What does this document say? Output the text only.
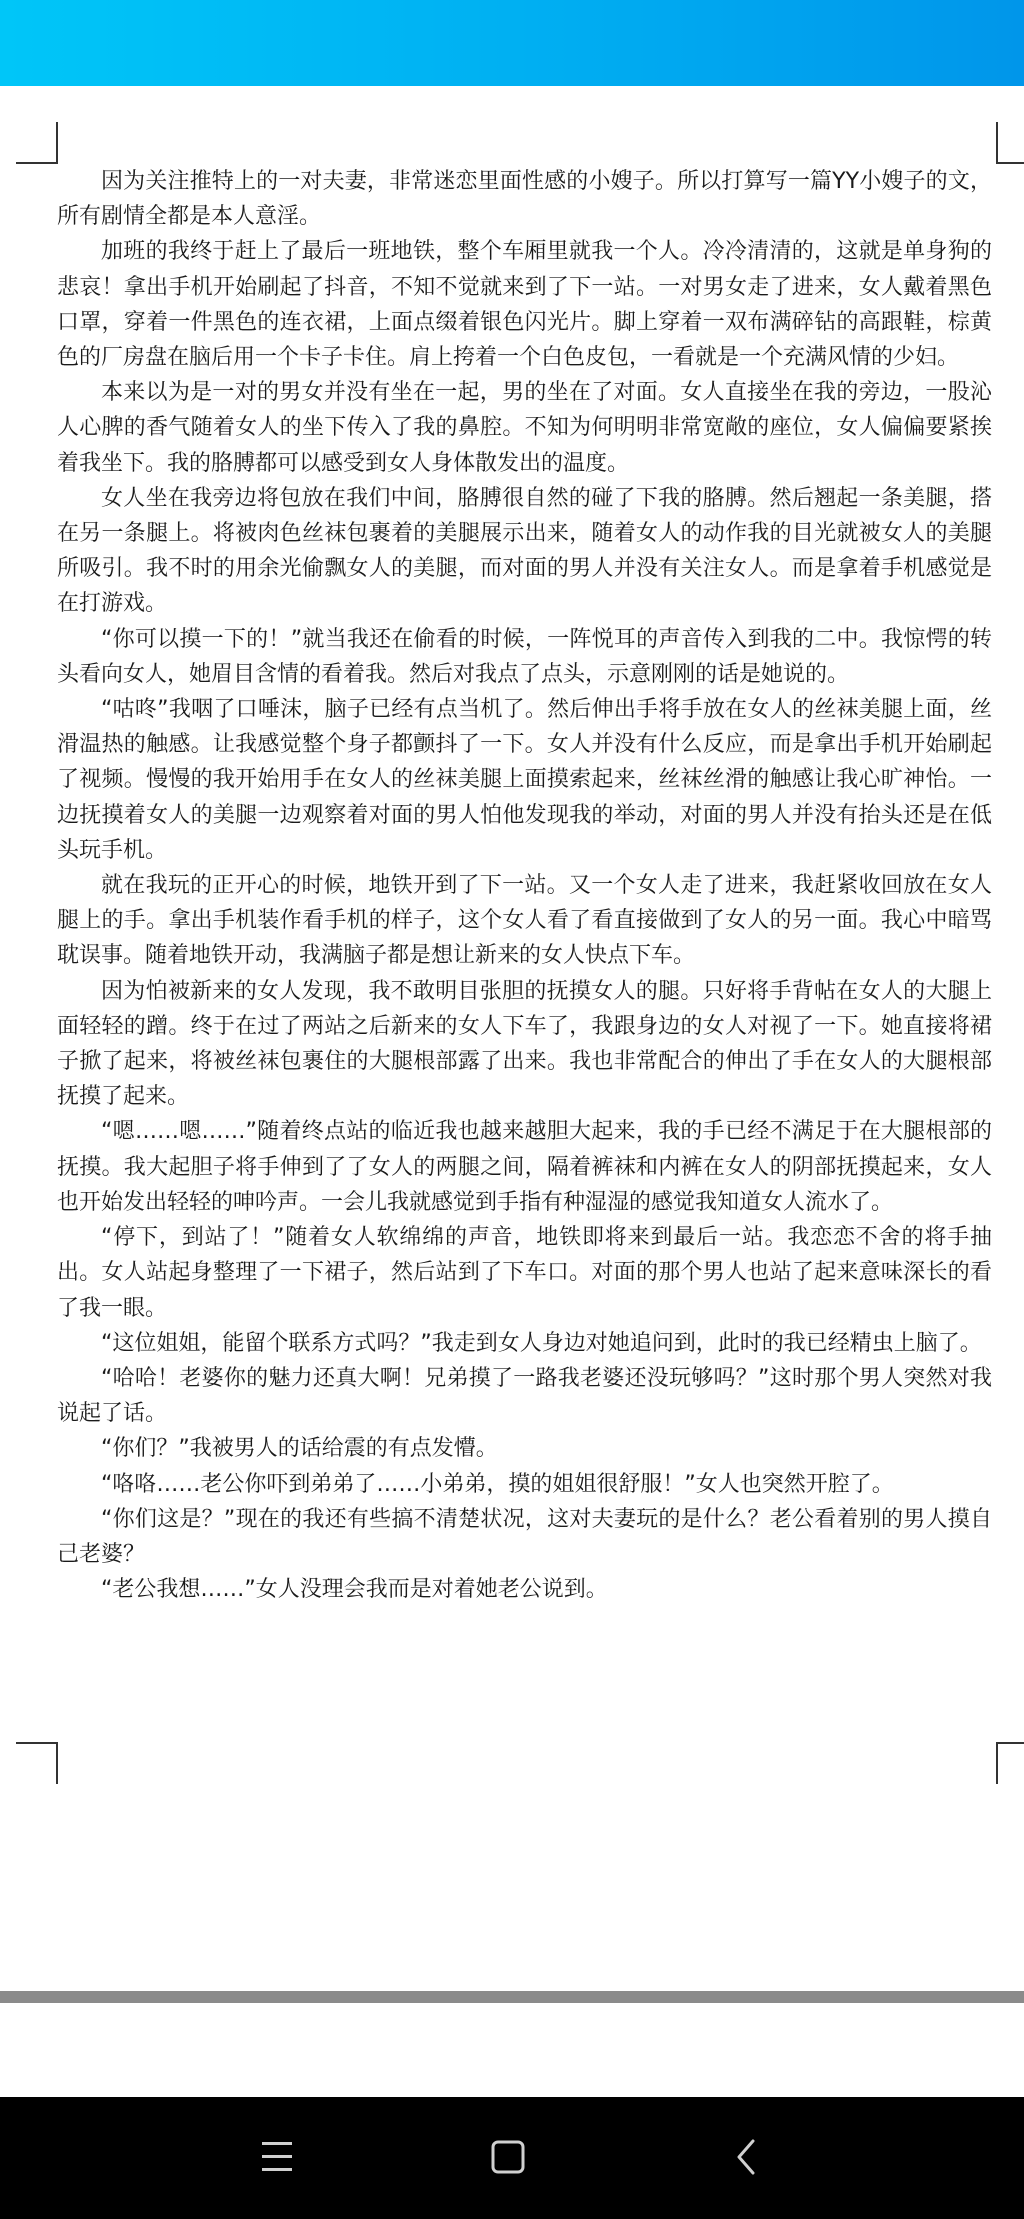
因为关注推特上的一对夫妻，非常迷恋里面性感的小嫂子。所以打算写一篇YY小嫂子的文，所有剧情全都是本人意淫。

加班的我终于赶上了最后一班地铁，整个车厢里就我一个人。冷冷清清的，这就是单身狗的悲哀！拿出手机开始刷起了抖音，不知不觉就来到了下一站。一对男女走了进来，女人戴着黑色口罩，穿着一件黑色的连衣裙，上面点缀着银色闪光片。脚上穿着一双布满碎钻的高跟鞋，棕黄色的厂房盘在脑后用一个卡子卡住。肩上挎着一个白色皮包，一看就是一个充满风情的少妇。

本来以为是一对的男女并没有坐在一起，男的坐在了对面。女人直接坐在我的旁边，一股沁人心脾的香气随着女人的坐下传入了我的鼻腔。不知为何明明非常宽敞的座位，女人偏偏要紧挨着我坐下。我的胳膊都可以感受到女人身体散发出的温度。

女人坐在我旁边将包放在我们中间，胳膊很自然的碰了下我的胳膊。然后翘起一条美腿，搭在另一条腿上。将被肉色丝袜包裹着的美腿展示出来，随着女人的动作我的目光就被女人的美腿所吸引。我不时的用余光偷飘女人的美腿，而对面的男人并没有关注女人。而是拿着手机感觉是在打游戏。

“你可以摸一下的！”就当我还在偷看的时候，一阵悦耳的声音传入到我的二中。我惊愕的转头看向女人，她眉目含情的看着我。然后对我点了点头，示意刚刚的话是她说的。

“咕咚”我咽了口唾沫，脑子已经有点当机了。然后伸出手将手放在女人的丝袜美腿上面，丝滑温热的触感。让我感觉整个身子都颤抖了一下。女人并没有什么反应，而是拿出手机开始刷起了视频。慢慢的我开始用手在女人的丝袜美腿上面摸索起来，丝袜丝滑的触感让我心旷神怡。一边抚摸着女人的美腿一边观察着对面的男人怕他发现我的举动，对面的男人并没有抬头还是在低头玩手机。

就在我玩的正开心的时候，地铁开到了下一站。又一个女人走了进来，我赶紧收回放在女人腿上的手。拿出手机装作看手机的样子，这个女人看了看直接做到了女人的另一面。我心中暗骂耽误事。随着地铁开动，我满脑子都是想让新来的女人快点下车。

因为怕被新来的女人发现，我不敢明目张胆的抚摸女人的腿。只好将手背帖在女人的大腿上面轻轻的蹭。终于在过了两站之后新来的女人下车了，我跟身边的女人对视了一下。她直接将裙子掀了起来，将被丝袜包裹住的大腿根部露了出来。我也非常配合的伸出了手在女人的大腿根部抚摸了起来。

“嗯……嗯……”随着终点站的临近我也越来越胆大起来，我的手已经不满足于在大腿根部的抚摸。我大起胆子将手伸到了了女人的两腿之间，隔着裤袜和内裤在女人的阴部抚摸起来，女人也开始发出轻轻的呻吟声。一会儿我就感觉到手指有种湿湿的感觉我知道女人流水了。

“停下，到站了！”随着女人软绵绵的声音，地铁即将来到最后一站。我恋恋不舍的将手抽出。女人站起身整理了一下裙子，然后站到了下车口。对面的那个男人也站了起来意味深长的看了我一眼。

“这位姐姐，能留个联系方式吗？”我走到女人身边对她追问到，此时的我已经精虫上脑了。

“哈哈！老婆你的魅力还真大啊！兄弟摸了一路我老婆还没玩够吗？”这时那个男人突然对我说起了话。

“你们？”我被男人的话给震的有点发懵。

“咯咯……老公你吓到弟弟了……小弟弟，摸的姐姐很舒服！”女人也突然开腔了。

“你们这是？”现在的我还有些搞不清楚状况，这对夫妻玩的是什么？老公看着别的男人摸自己老婆？

“老公我想……”女人没理会我而是对着她老公说到。
